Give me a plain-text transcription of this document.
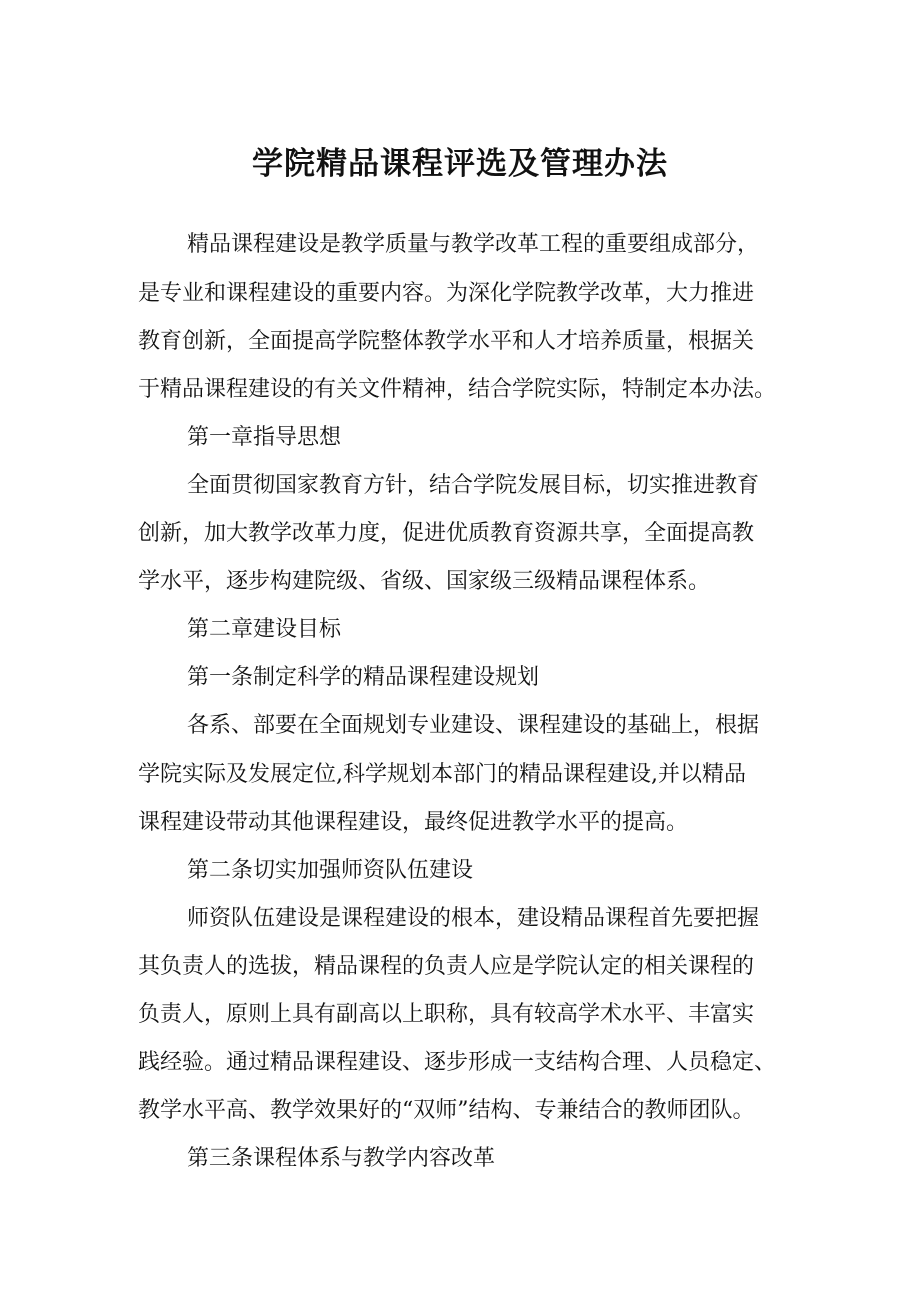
学院精品课程评选及管理办法
精品课程建设是教学质量与教学改革工程的重要组成部分，
是专业和课程建设的重要内容。为深化学院教学改革，大力推进
教育创新，全面提高学院整体教学水平和人才培养质量，根据关
于精品课程建设的有关文件精神，结合学院实际，特制定本办法。
第一章指导思想
全面贯彻国家教育方针，结合学院发展目标，切实推进教育
创新，加大教学改革力度，促进优质教育资源共享，全面提高教
学水平，逐步构建院级、省级、国家级三级精品课程体系。
第二章建设目标
第一条制定科学的精品课程建设规划
各系、部要在全面规划专业建设、课程建设的基础上，根据
学院实际及发展定位,科学规划本部门的精品课程建设,并以精品
课程建设带动其他课程建设，最终促进教学水平的提高。
第二条切实加强师资队伍建设
师资队伍建设是课程建设的根本，建设精品课程首先要把握
其负责人的选拔，精品课程的负责人应是学院认定的相关课程的
负责人，原则上具有副高以上职称，具有较高学术水平、丰富实
践经验。通过精品课程建设、逐步形成一支结构合理、人员稳定、
教学水平高、教学效果好的“双师”结构、专兼结合的教师团队。
第三条课程体系与教学内容改革
